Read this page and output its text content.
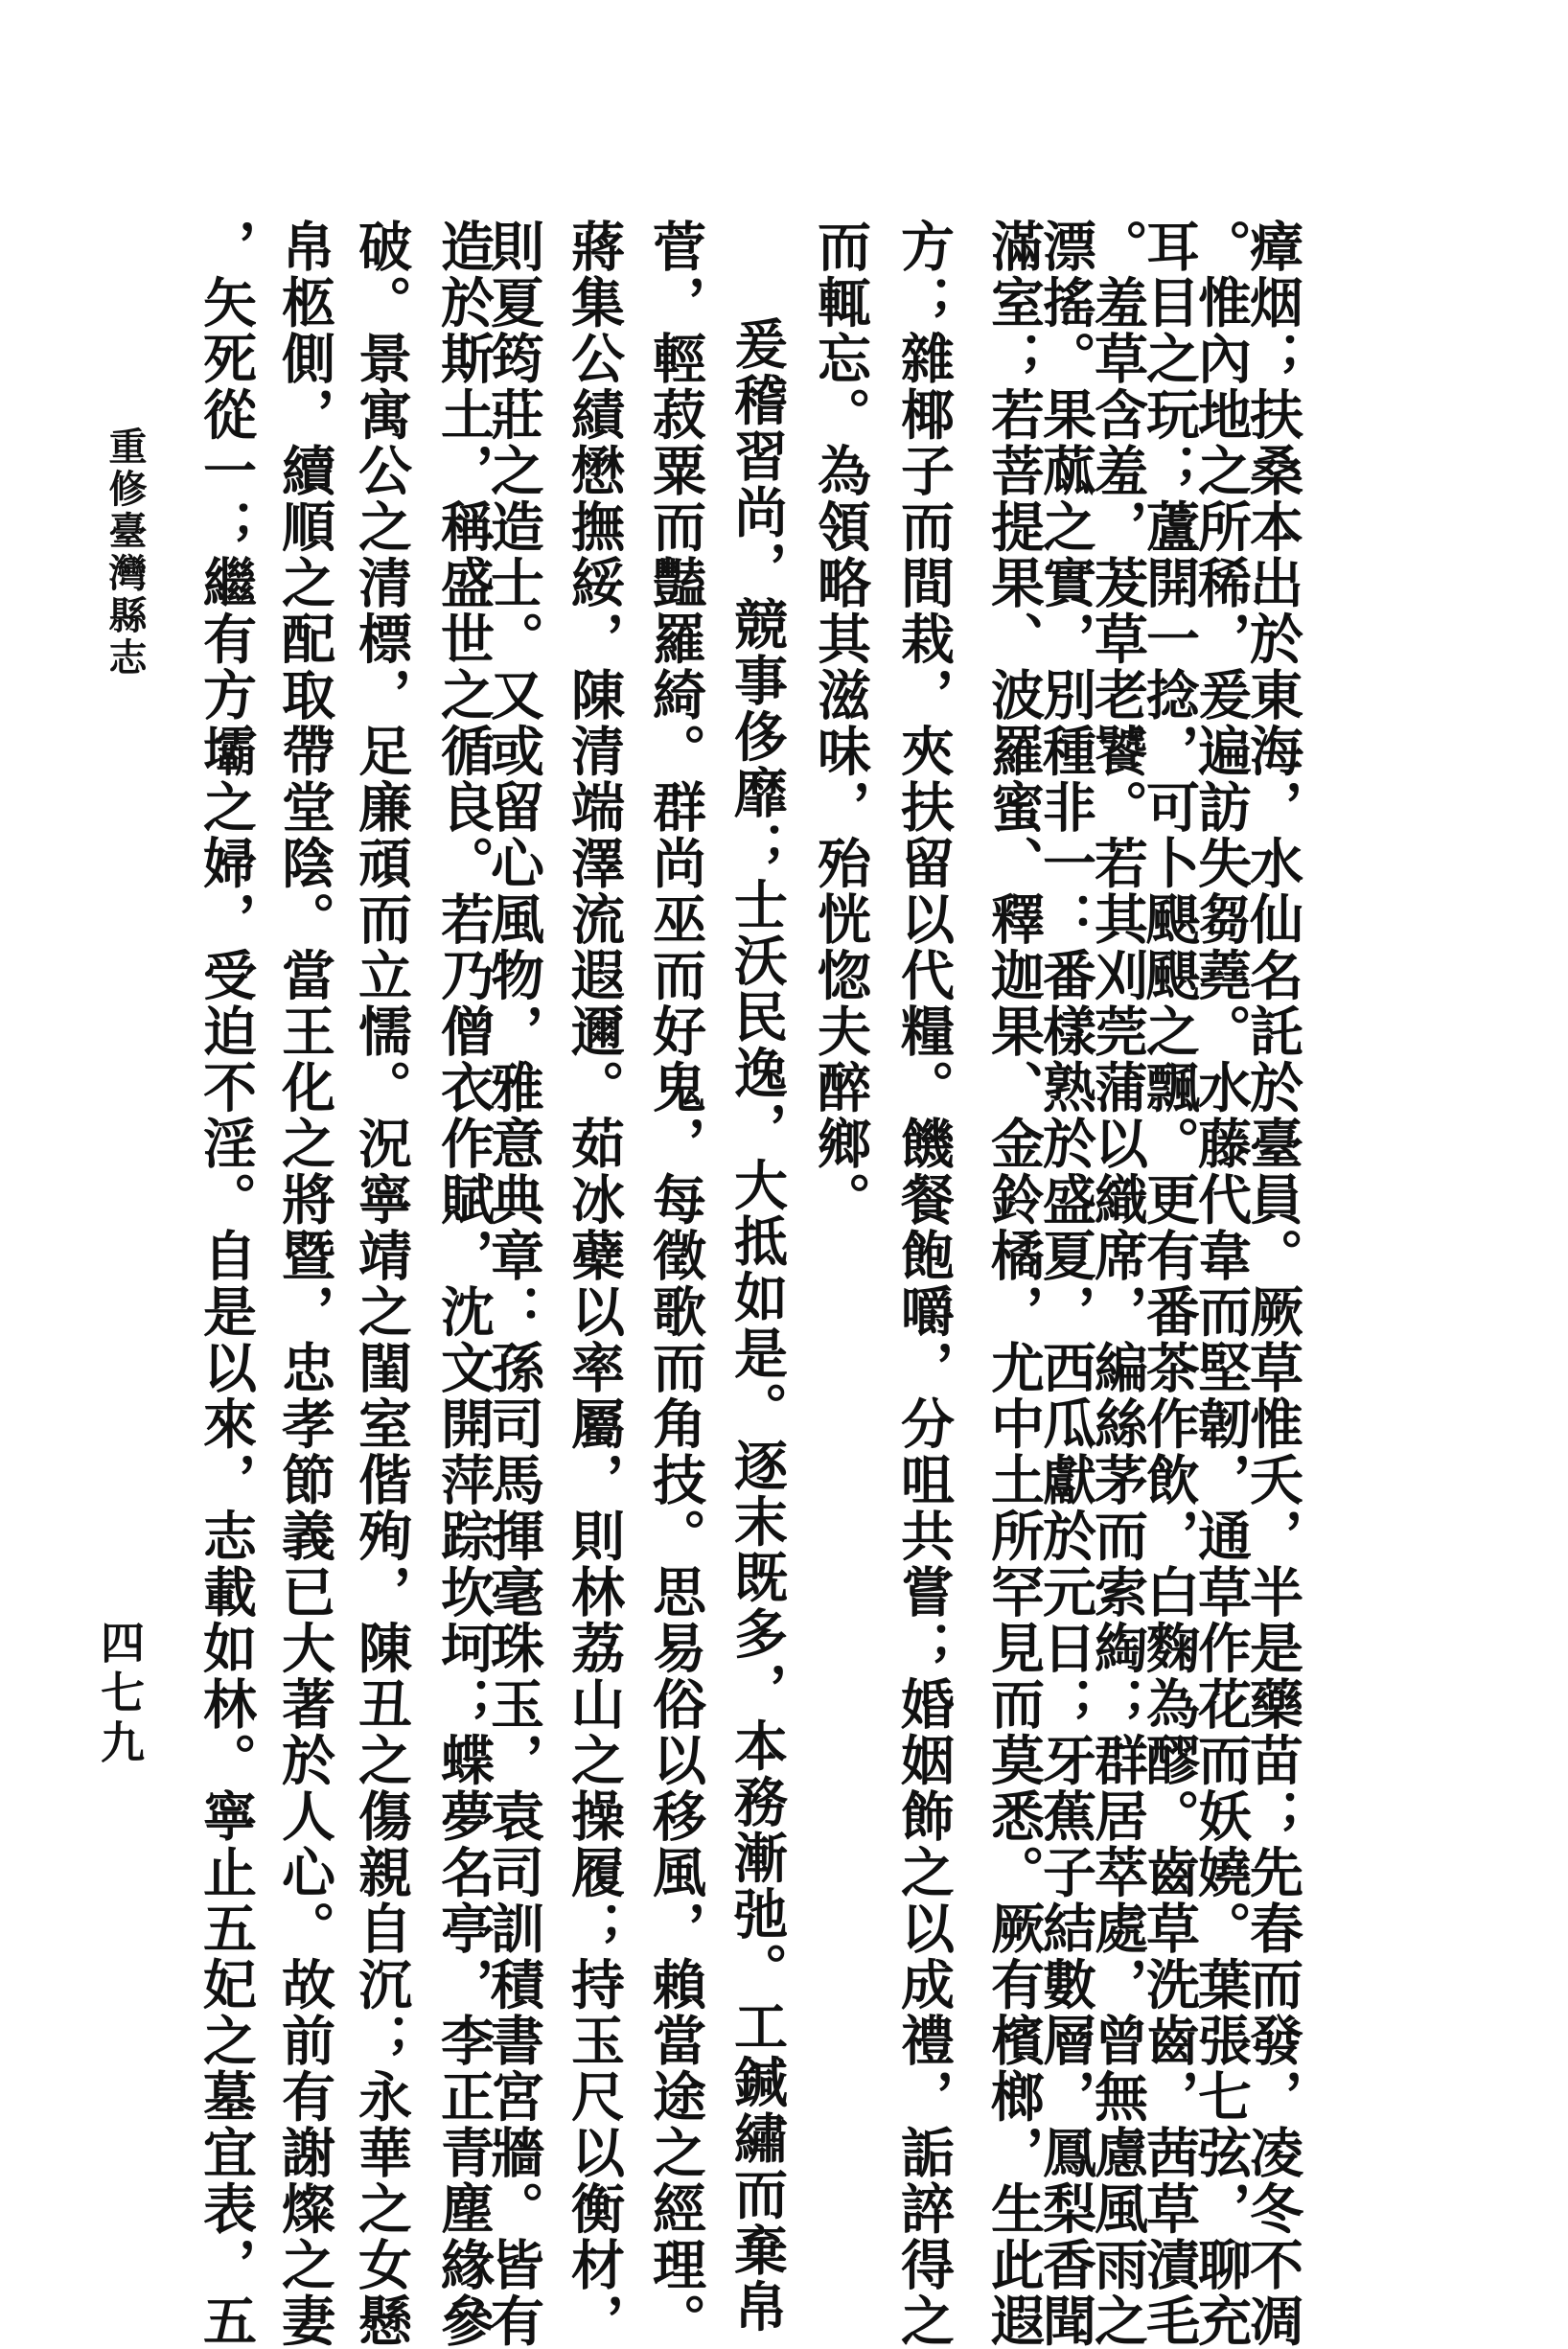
瘴烟；扶桑本出於東海，水仙名託於臺員。厥草惟夭，半是藥苗；先春而發，凌冬不凋
。惟內地之所稀，爰遍訪失芻蕘。水藤代韋而堅韌，通草作花而妖嬈。葉張七弦，聊充
耳目之玩；蘆開一捻，可卜颶颶之飄。更有番茶作飲，白麴為醪。齒草洗齒，茜草漬毛
。羞草含羞，茇草老饕。若其刈莞蒲以織席，編絲茅而索綯；群居萃處，曾無慮風雨之
漂搖。果蓏之實，別種非一：番樣熟於盛夏，西瓜獻於元日；牙蕉子結數層，鳳梨香聞
滿室；若菩提果、波羅蜜、釋迦果、金鈴橘，尤中土所罕見而莫悉。厥有檳榔，生此遐
方；雜椰子而間栽，夾扶留以代糧。饑餐飽嚼，分咀共嘗；婚姻飾之以成禮，詬誶得之
而輒忘。為領略其滋味，殆恍惚夫醉鄉。
爰稽習尚，競事侈靡；士沃民逸，大抵如是。逐末既多，本務漸弛。工鍼繡而棄帛
菅，輕菽粟而豔羅綺。群尚巫而好鬼，每徵歌而角技。思易俗以移風，賴當途之經理。
蔣集公績懋撫綏，陳清端澤流遐邇。茹冰蘗以率屬，則林荔山之操履；持玉尺以衡材，
則夏筠莊之造士。又或留心風物，雅意典章：孫司馬揮毫珠玉，袁司訓積書宮牆。皆有
造於斯土，稱盛世之循良。若乃僧衣作賦，沈文開萍踪坎坷；蝶夢名亭，李正青塵緣參
破。景寓公之清標，足廉頑而立懦。況寧靖之閨室偕殉，陳丑之傷親自沉；永華之女懸
帛柩側，續順之配取帶堂陰。當王化之將暨，忠孝節義已大著於人心。故前有謝燦之妻
，矢死從一；繼有方壩之婦，受迫不淫。自是以來，志載如林。寧止五妃之墓宜表，五
重修臺灣縣志
四七九
